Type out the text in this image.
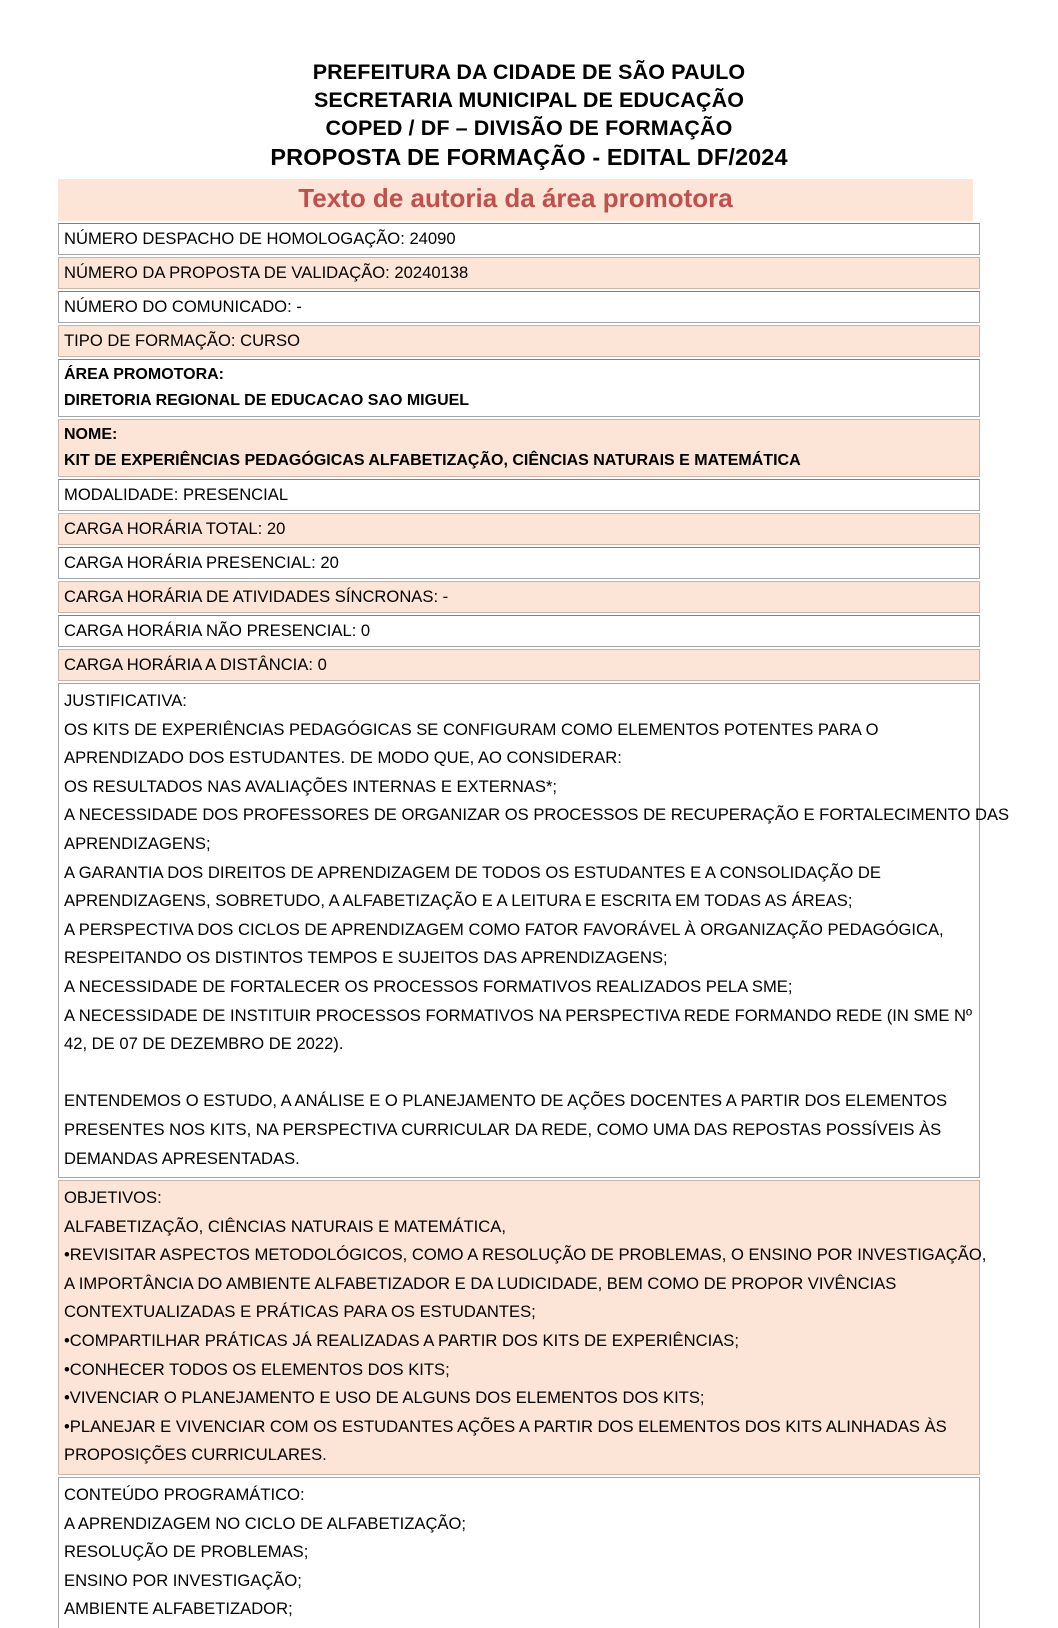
PREFEITURA DA CIDADE DE SÃO PAULO
SECRETARIA MUNICIPAL DE EDUCAÇÃO
COPED / DF – DIVISÃO DE FORMAÇÃO
PROPOSTA DE FORMAÇÃO - EDITAL DF/2024
Texto de autoria da área promotora
NÚMERO DESPACHO DE HOMOLOGAÇÃO: 24090
NÚMERO DA PROPOSTA DE VALIDAÇÃO: 20240138
NÚMERO DO COMUNICADO: -
TIPO DE FORMAÇÃO: CURSO
ÁREA PROMOTORA:
DIRETORIA REGIONAL DE EDUCACAO SAO MIGUEL
NOME:
KIT DE EXPERIÊNCIAS PEDAGÓGICAS ALFABETIZAÇÃO, CIÊNCIAS NATURAIS E MATEMÁTICA
MODALIDADE: PRESENCIAL
CARGA HORÁRIA TOTAL: 20
CARGA HORÁRIA PRESENCIAL: 20
CARGA HORÁRIA DE ATIVIDADES SÍNCRONAS: -
CARGA HORÁRIA NÃO PRESENCIAL: 0
CARGA HORÁRIA A DISTÂNCIA: 0
JUSTIFICATIVA:
OS KITS DE EXPERIÊNCIAS PEDAGÓGICAS SE CONFIGURAM COMO ELEMENTOS POTENTES PARA O
APRENDIZADO DOS ESTUDANTES. DE MODO QUE, AO CONSIDERAR:
OS RESULTADOS NAS AVALIAÇÕES INTERNAS E EXTERNAS*;
A NECESSIDADE DOS PROFESSORES DE ORGANIZAR OS PROCESSOS DE RECUPERAÇÃO E FORTALECIMENTO DAS
APRENDIZAGENS;
A GARANTIA DOS DIREITOS DE APRENDIZAGEM DE TODOS OS ESTUDANTES E A CONSOLIDAÇÃO DE
APRENDIZAGENS, SOBRETUDO, A ALFABETIZAÇÃO E A LEITURA E ESCRITA EM TODAS AS ÁREAS;
A PERSPECTIVA DOS CICLOS DE APRENDIZAGEM COMO FATOR FAVORÁVEL À ORGANIZAÇÃO PEDAGÓGICA,
RESPEITANDO OS DISTINTOS TEMPOS E SUJEITOS DAS APRENDIZAGENS;
A NECESSIDADE DE FORTALECER OS PROCESSOS FORMATIVOS REALIZADOS PELA SME;
A NECESSIDADE DE INSTITUIR PROCESSOS FORMATIVOS NA PERSPECTIVA REDE FORMANDO REDE (IN SME Nº
42, DE 07 DE DEZEMBRO DE 2022).
ENTENDEMOS O ESTUDO, A ANÁLISE E O PLANEJAMENTO DE AÇÕES DOCENTES A PARTIR DOS ELEMENTOS
PRESENTES NOS KITS, NA PERSPECTIVA CURRICULAR DA REDE, COMO UMA DAS REPOSTAS POSSÍVEIS ÀS
DEMANDAS APRESENTADAS.
OBJETIVOS:
ALFABETIZAÇÃO, CIÊNCIAS NATURAIS E MATEMÁTICA,
•REVISITAR ASPECTOS METODOLÓGICOS, COMO A RESOLUÇÃO DE PROBLEMAS, O ENSINO POR INVESTIGAÇÃO,
A IMPORTÂNCIA DO AMBIENTE ALFABETIZADOR E DA LUDICIDADE, BEM COMO DE PROPOR VIVÊNCIAS
CONTEXTUALIZADAS E PRÁTICAS PARA OS ESTUDANTES;
•COMPARTILHAR PRÁTICAS JÁ REALIZADAS A PARTIR DOS KITS DE EXPERIÊNCIAS;
•CONHECER TODOS OS ELEMENTOS DOS KITS;
•VIVENCIAR O PLANEJAMENTO E USO DE ALGUNS DOS ELEMENTOS DOS KITS;
•PLANEJAR E VIVENCIAR COM OS ESTUDANTES AÇÕES A PARTIR DOS ELEMENTOS DOS KITS ALINHADAS ÀS
PROPOSIÇÕES CURRICULARES.
CONTEÚDO PROGRAMÁTICO:
A APRENDIZAGEM NO CICLO DE ALFABETIZAÇÃO;
RESOLUÇÃO DE PROBLEMAS;
ENSINO POR INVESTIGAÇÃO;
AMBIENTE ALFABETIZADOR;
